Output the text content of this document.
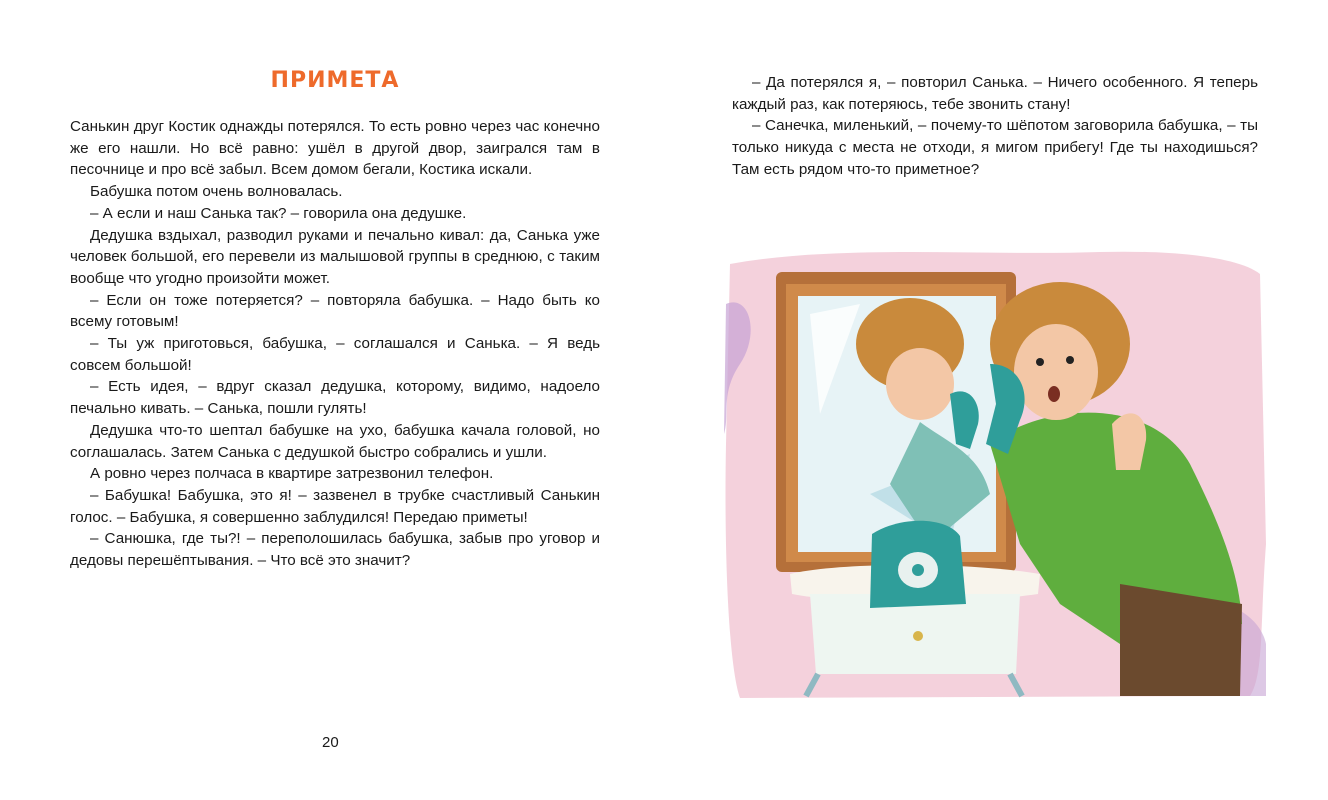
ПРИМЕТА

Санькин друг Костик однажды потерялся. То есть ровно через час конечно же его нашли. Но всё равно: ушёл в другой двор, заигрался там в песочнице и про всё забыл. Всем домом бегали, Костика искали.

Бабушка потом очень волновалась.

– А если и наш Санька так? – говорила она дедушке.

Дедушка вздыхал, разводил руками и печально кивал: да, Санька уже человек большой, его перевели из малышовой группы в среднюю, с таким вообще что угодно произойти может.

– Если он тоже потеряется? – повторяла бабушка. – Надо быть ко всему готовым!

– Ты уж приготовься, бабушка, – соглашался и Санька. – Я ведь совсем большой!

– Есть идея, – вдруг сказал дедушка, которому, видимо, надоело печально кивать. – Санька, пошли гулять!

Дедушка что-то шептал бабушке на ухо, бабушка качала головой, но соглашалась. Затем Санька с дедушкой быстро собрались и ушли.

А ровно через полчаса в квартире затрезвонил телефон.

– Бабушка! Бабушка, это я! – зазвенел в трубке счастливый Санькин голос. – Бабушка, я совершенно заблудился! Передаю приметы!

– Санюшка, где ты?! – переполошилась бабушка, забыв про уговор и дедовы перешёптывания. – Что всё это значит?

20

– Да потерялся я, – повторил Санька. – Ничего особенного. Я теперь каждый раз, как потеряюсь, тебе звонить стану!

– Санечка, миленький, – почему-то шёпотом заговорила бабушка, – ты только никуда с места не отходи, я мигом прибегу! Где ты находишься? Там есть рядом что-то приметное?
